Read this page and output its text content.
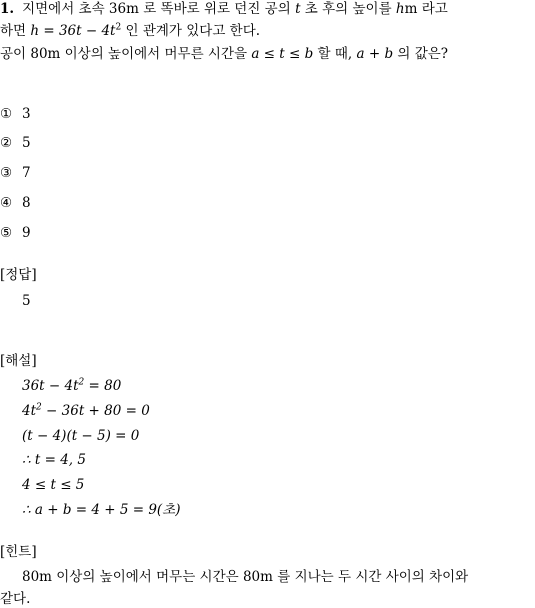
1. 지면에서 초속 36m 로 똑바로 위로 던진 공의 t 초 후의 높이를 hm 라고
하면 $h = 36t - 4t^2$ 인 관계가 있다고 한다.
공이 80m 이상의 높이에서 머무른 시간을 a ≤ t ≤ b 할 때, a + b 의 값은?
① 3
② 5
③ 7
④ 8
⑤ 9
[정답]
5
[해설]
$36t - 4t^2 = 80$
$4t^2 - 36t + 80 = 0$
(t − 4)(t − 5) = 0
∴ t = 4, 5
4 ≤ t ≤ 5
∴ a + b = 4 + 5 = 9(초)
[힌트]
80m 이상의 높이에서 머무는 시간은 80m 를 지나는 두 시간 사이의 차이와
같다.
